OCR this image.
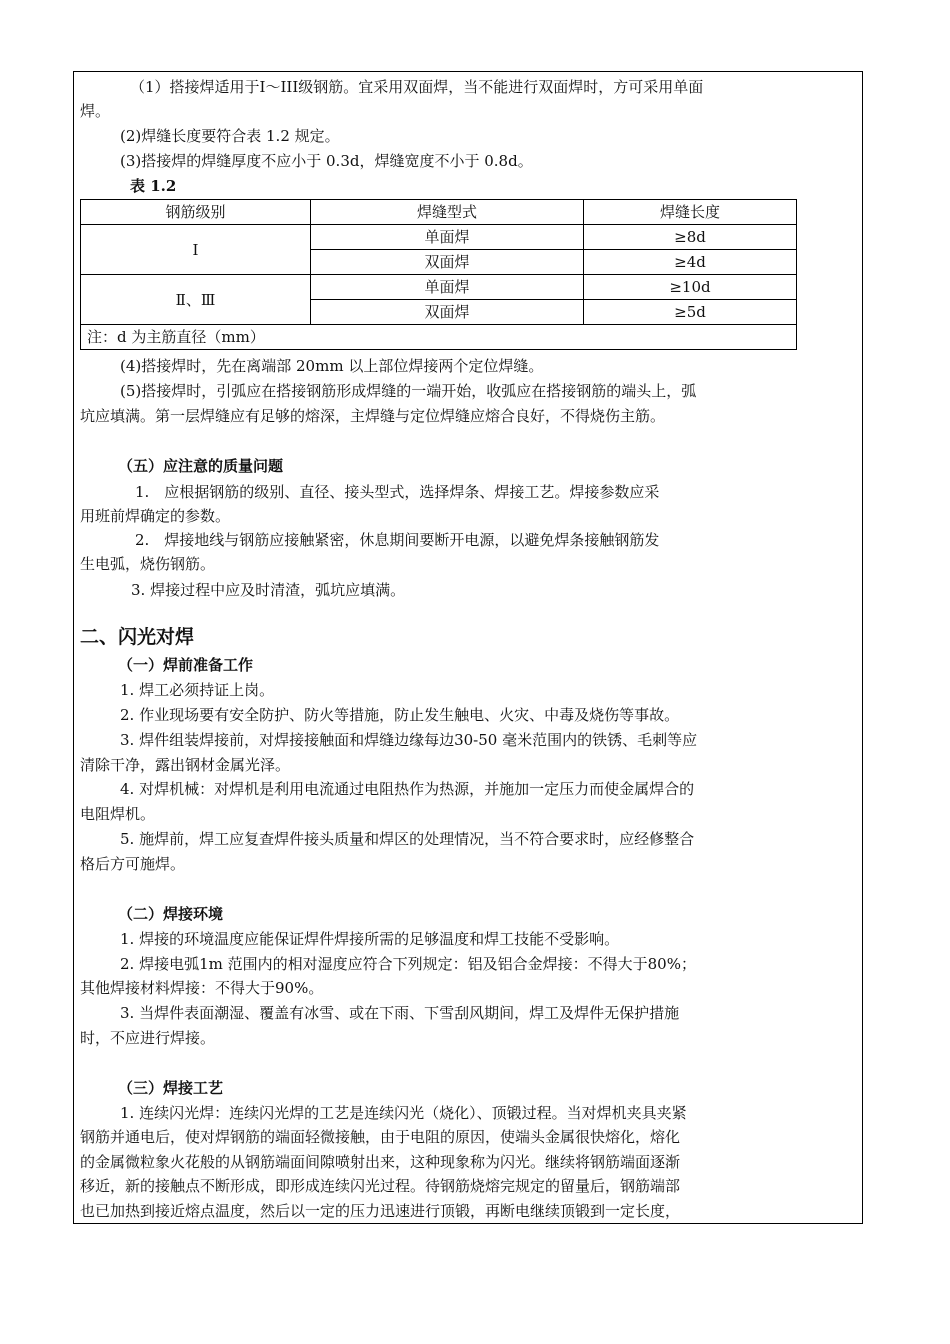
（1）搭接焊适用于Ⅰ～III级钢筋。宜采用双面焊，当不能进行双面焊时，方可采用单面
焊。
(2)焊缝长度要符合表 1.2 规定。
(3)搭接焊的焊缝厚度不应小于 0.3d，焊缝宽度不小于 0.8d。
表 1.2
钢筋级别	焊缝型式	焊缝长度
Ⅰ	单面焊	≥8d
	双面焊	≥4d
Ⅱ、Ⅲ	单面焊	≥10d
	双面焊	≥5d
注：d 为主筋直径（mm）		
(4)搭接焊时，先在离端部 20mm 以上部位焊接两个定位焊缝。
(5)搭接焊时，引弧应在搭接钢筋形成焊缝的一端开始，收弧应在搭接钢筋的端头上，弧
坑应填满。第一层焊缝应有足够的熔深，主焊缝与定位焊缝应熔合良好，不得烧伤主筋。
（五）应注意的质量问题
1.　应根据钢筋的级别、直径、接头型式，选择焊条、焊接工艺。焊接参数应采
用班前焊确定的参数。
2.　焊接地线与钢筋应接触紧密，休息期间要断开电源，以避免焊条接触钢筋发
生电弧，烧伤钢筋。
3. 焊接过程中应及时清渣，弧坑应填满。
二、闪光对焊
（一）焊前准备工作
1. 焊工必须持证上岗。
2. 作业现场要有安全防护、防火等措施，防止发生触电、火灾、中毒及烧伤等事故。
3. 焊件组装焊接前，对焊接接触面和焊缝边缘每边30-50 毫米范围内的铁锈、毛刺等应
清除干净，露出钢材金属光泽。
4. 对焊机械：对焊机是利用电流通过电阻热作为热源，并施加一定压力而使金属焊合的
电阻焊机。
5. 施焊前，焊工应复查焊件接头质量和焊区的处理情况，当不符合要求时，应经修整合
格后方可施焊。
（二）焊接环境
1. 焊接的环境温度应能保证焊件焊接所需的足够温度和焊工技能不受影响。
2. 焊接电弧1m 范围内的相对湿度应符合下列规定：铝及铝合金焊接：不得大于80%；
其他焊接材料焊接：不得大于90%。
3. 当焊件表面潮湿、覆盖有冰雪、或在下雨、下雪刮风期间，焊工及焊件无保护措施
时，不应进行焊接。
（三）焊接工艺
1. 连续闪光焊：连续闪光焊的工艺是连续闪光（烧化）、顶锻过程。当对焊机夹具夹紧
钢筋并通电后，使对焊钢筋的端面轻微接触，由于电阻的原因，使端头金属很快熔化，熔化
的金属微粒象火花般的从钢筋端面间隙喷射出来，这种现象称为闪光。继续将钢筋端面逐渐
移近，新的接触点不断形成，即形成连续闪光过程。待钢筋烧熔完规定的留量后，钢筋端部
也已加热到接近熔点温度，然后以一定的压力迅速进行顶锻，再断电继续顶锻到一定长度，
